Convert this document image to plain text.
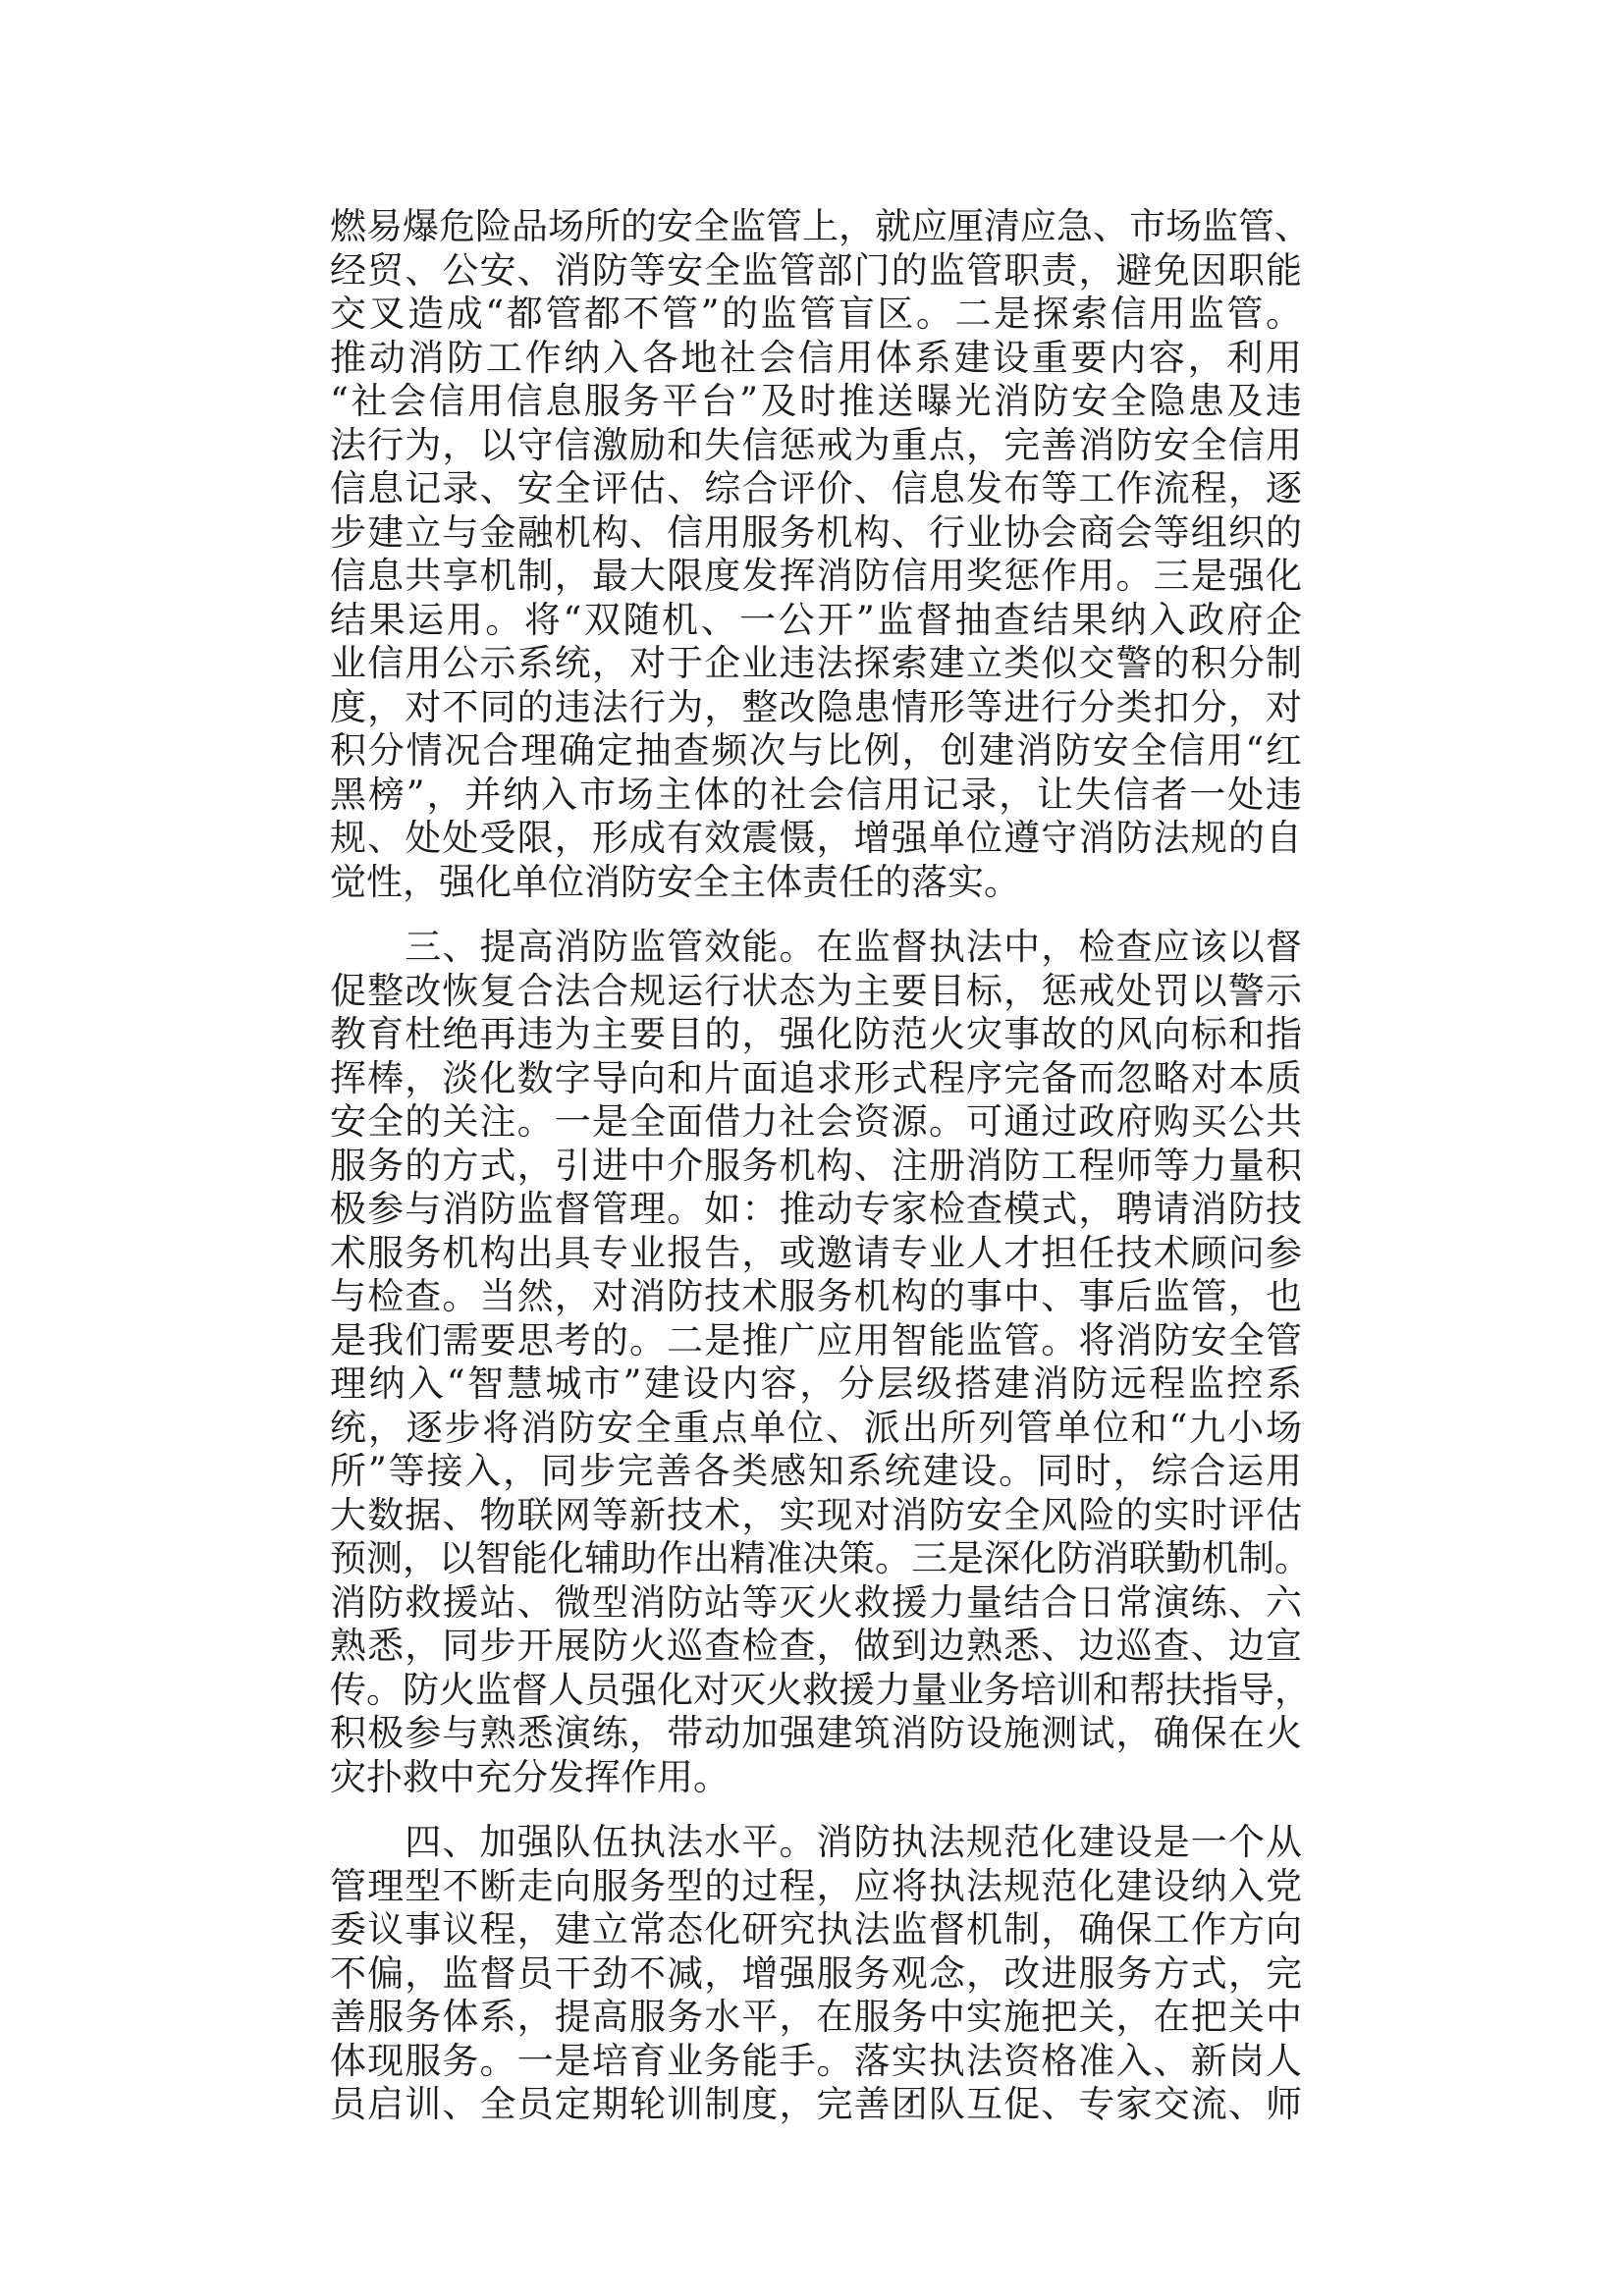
燃易爆危险品场所的安全监管上，就应厘清应急、市场监管、
经贸、公安、消防等安全监管部门的监管职责，避免因职能
交叉造成“都管都不管”的监管盲区。二是探索信用监管。
推动消防工作纳入各地社会信用体系建设重要内容，利用
“社会信用信息服务平台”及时推送曝光消防安全隐患及违
法行为，以守信激励和失信惩戒为重点，完善消防安全信用
信息记录、安全评估、综合评价、信息发布等工作流程，逐
步建立与金融机构、信用服务机构、行业协会商会等组织的
信息共享机制，最大限度发挥消防信用奖惩作用。三是强化
结果运用。将“双随机、一公开”监督抽查结果纳入政府企
业信用公示系统，对于企业违法探索建立类似交警的积分制
度，对不同的违法行为，整改隐患情形等进行分类扣分，对
积分情况合理确定抽查频次与比例，创建消防安全信用“红
黑榜”，并纳入市场主体的社会信用记录，让失信者一处违
规、处处受限，形成有效震慑，增强单位遵守消防法规的自
觉性，强化单位消防安全主体责任的落实。
　　三、提高消防监管效能。在监督执法中，检查应该以督
促整改恢复合法合规运行状态为主要目标，惩戒处罚以警示
教育杜绝再违为主要目的，强化防范火灾事故的风向标和指
挥棒，淡化数字导向和片面追求形式程序完备而忽略对本质
安全的关注。一是全面借力社会资源。可通过政府购买公共
服务的方式，引进中介服务机构、注册消防工程师等力量积
极参与消防监督管理。如：推动专家检查模式，聘请消防技
术服务机构出具专业报告，或邀请专业人才担任技术顾问参
与检查。当然，对消防技术服务机构的事中、事后监管，也
是我们需要思考的。二是推广应用智能监管。将消防安全管
理纳入“智慧城市”建设内容，分层级搭建消防远程监控系
统，逐步将消防安全重点单位、派出所列管单位和“九小场
所”等接入，同步完善各类感知系统建设。同时，综合运用
大数据、物联网等新技术，实现对消防安全风险的实时评估
预测，以智能化辅助作出精准决策。三是深化防消联勤机制。
消防救援站、微型消防站等灭火救援力量结合日常演练、六
熟悉，同步开展防火巡查检查，做到边熟悉、边巡查、边宣
传。防火监督人员强化对灭火救援力量业务培训和帮扶指导，
积极参与熟悉演练，带动加强建筑消防设施测试，确保在火
灾扑救中充分发挥作用。
　　四、加强队伍执法水平。消防执法规范化建设是一个从
管理型不断走向服务型的过程，应将执法规范化建设纳入党
委议事议程，建立常态化研究执法监督机制，确保工作方向
不偏，监督员干劲不减，增强服务观念，改进服务方式，完
善服务体系，提高服务水平，在服务中实施把关，在把关中
体现服务。一是培育业务能手。落实执法资格准入、新岗人
员启训、全员定期轮训制度，完善团队互促、专家交流、师
